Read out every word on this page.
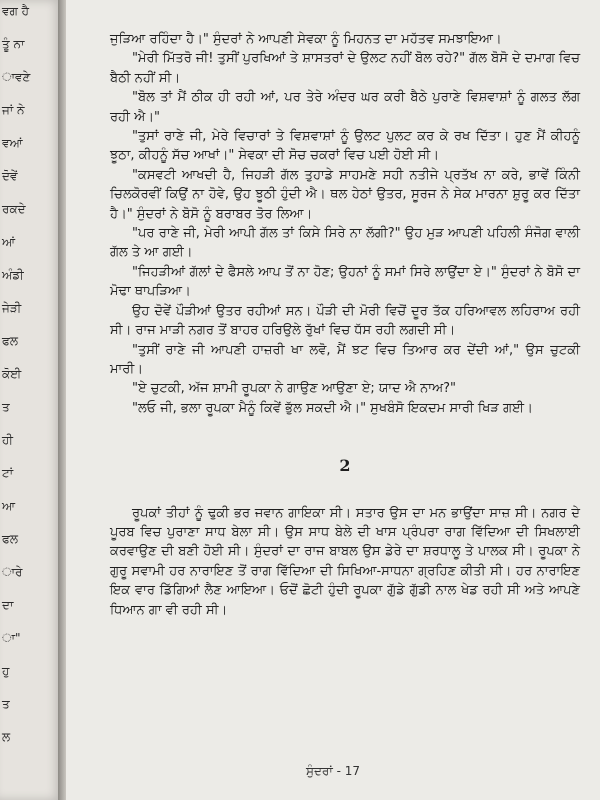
ਵਗ ਹੈ
ਤੂੰ ਨਾ
ਾਵਣੇ
ਜਾਂ ਨੇ
ਵਆਂ
ਦੋਵੇਂ
ਰਕਦੇ
ਆਂ
ਅੰਡੀ
ਜੇੜੀ
ਫਲ
ਕੋਈ
ਤ
ਹੀ
ਟਾਂ
ਆ
ਫਲ
ਾਰੇ
ਦਾ
ਾ"
ਹੁ
ਤ
ਲ

ਜੁੜਿਆ ਰਹਿੰਦਾ ਹੈ।" ਸੁੰਦਰਾਂ ਨੇ ਆਪਣੀ ਸੇਵਕਾ ਨੂੰ ਮਿਹਨਤ ਦਾ ਮਹੱਤਵ ਸਮਝਾਇਆ।

"ਮੇਰੀ ਮਿੱਤਰੋ ਜੀ! ਤੁਸੀਂ ਪੁਰਖਿਆਂ ਤੇ ਸ਼ਾਸਤਰਾਂ ਦੇ ਉਲਟ ਨਹੀਂ ਬੋਲ ਰਹੇ?" ਗੱਲ ਬੋਸੋ ਦੇ ਦਮਾਗ ਵਿਚ ਬੈਠੀ ਨਹੀਂ ਸੀ।

"ਬੋਲ ਤਾਂ ਮੈਂ ਠੀਕ ਹੀ ਰਹੀ ਆਂ, ਪਰ ਤੇਰੇ ਅੰਦਰ ਘਰ ਕਰੀ ਬੈਠੇ ਪੁਰਾਣੇ ਵਿਸ਼ਵਾਸ਼ਾਂ ਨੂੰ ਗਲਤ ਲੱਗ ਰਹੀ ਐ।"

"ਤੁਸਾਂ ਰਾਣੇ ਜੀ, ਮੇਰੇ ਵਿਚਾਰਾਂ ਤੇ ਵਿਸ਼ਵਾਸ਼ਾਂ ਨੂੰ ਉਲਟ ਪੁਲਟ ਕਰ ਕੇ ਰਖ ਦਿੱਤਾ। ਹੁਣ ਮੈਂ ਕੀਹਨੂੰ ਝੂਠਾ, ਕੀਹਨੂੰ ਸੱਚ ਆਖਾਂ।" ਸੇਵਕਾ ਦੀ ਸੋਚ ਚਕਰਾਂ ਵਿਚ ਪਈ ਹੋਈ ਸੀ।

"ਕਸਵਟੀ ਆਖਦੀ ਹੈ, ਜਿਹੜੀ ਗੱਲ ਤੁਹਾਡੇ ਸਾਹਮਣੇ ਸਹੀ ਨਤੀਜੇ ਪ੍ਰਤੱਖ ਨਾ ਕਰੇ, ਭਾਵੇਂ ਕਿੰਨੀ ਚਿਲਕੋਰਵੀਂ ਕਿਉਂ ਨਾ ਹੋਵੇ, ਉਹ ਝੂਠੀ ਹੁੰਦੀ ਐ। ਥਲ ਹੇਠਾਂ ਉਤਰ, ਸੂਰਜ ਨੇ ਸੇਕ ਮਾਰਨਾ ਸ਼ੁਰੂ ਕਰ ਦਿੱਤਾ ਹੈ।" ਸੁੰਦਰਾਂ ਨੇ ਬੋਸੋ ਨੂੰ ਬਰਾਬਰ ਤੋਰ ਲਿਆ।

"ਪਰ ਰਾਣੇ ਜੀ, ਮੇਰੀ ਆਪੀ ਗੱਲ ਤਾਂ ਕਿਸੇ ਸਿਰੇ ਨਾ ਲੱਗੀ?" ਉਹ ਮੁੜ ਆਪਣੀ ਪਹਿਲੀ ਸੰਜੋਗ ਵਾਲੀ ਗੱਲ ਤੇ ਆ ਗਈ।

"ਜਿਹੜੀਆਂ ਗੱਲਾਂ ਦੇ ਫੈਸਲੇ ਆਪ ਤੋਂ ਨਾ ਹੋਣ; ਉਹਨਾਂ ਨੂੰ ਸਮਾਂ ਸਿਰੇ ਲਾਉਂਦਾ ਏ।" ਸੁੰਦਰਾਂ ਨੇ ਬੋਸੋ ਦਾ ਮੋਢਾ ਥਾਪੜਿਆ।

ਉਹ ਦੋਵੇਂ ਪੌੜੀਆਂ ਉਤਰ ਰਹੀਆਂ ਸਨ। ਪੌੜੀ ਦੀ ਮੋਰੀ ਵਿਚੋਂ ਦੂਰ ਤੱਕ ਹਰਿਆਵਲ ਲਹਿਰਾਅ ਰਹੀ ਸੀ। ਰਾਜ ਮਾੜੀ ਨਗਰ ਤੋਂ ਬਾਹਰ ਹਰਿਉਲੇ ਰੁੱਖਾਂ ਵਿਚ ਧੱਸ ਰਹੀ ਲਗਦੀ ਸੀ।

"ਤੁਸੀਂ ਰਾਣੇ ਜੀ ਆਪਣੀ ਹਾਜ਼ਰੀ ਖਾ ਲਵੋ, ਮੈਂ ਝਟ ਵਿਚ ਤਿਆਰ ਕਰ ਦੇਂਦੀ ਆਂ," ਉਸ ਚੁਟਕੀ ਮਾਰੀ।

"ਏ ਚੁਟਕੀ, ਅੱਜ ਸ਼ਾਮੀ ਰੂਪਕਾ ਨੇ ਗਾਉਣ ਆਉਣਾ ਏ; ਯਾਦ ਐ ਨਾਅ?"

"ਲਓ ਜੀ, ਭਲਾ ਰੂਪਕਾ ਮੈਨੂੰ ਕਿਵੇਂ ਭੁੱਲ ਸਕਦੀ ਐ।" ਸੁਖਬੰਸੋ ਇਕਦਮ ਸਾਰੀ ਖਿੜ ਗਈ।

2

ਰੂਪਕਾਂ ਤੀਹਾਂ ਨੂੰ ਢੁਕੀ ਭਰ ਜਵਾਨ ਗਾਇਕਾ ਸੀ। ਸਤਾਰ ਉਸ ਦਾ ਮਨ ਭਾਉਂਦਾ ਸਾਜ਼ ਸੀ। ਨਗਰ ਦੇ ਪੂਰਬ ਵਿਚ ਪੁਰਾਣਾ ਸਾਧ ਬੇਲਾ ਸੀ। ਉਸ ਸਾਧ ਬੇਲੇ ਦੀ ਖਾਸ ਪ੍ਰੰਪਰਾ ਰਾਗ ਵਿੱਦਿਆ ਦੀ ਸਿਖਲਾਈ ਕਰਵਾਉਣ ਦੀ ਬਣੀ ਹੋਈ ਸੀ। ਸੁੰਦਰਾਂ ਦਾ ਰਾਜ ਬਾਬਲ ਉਸ ਡੇਰੇ ਦਾ ਸ਼ਰਧਾਲੂ ਤੇ ਪਾਲਕ ਸੀ। ਰੂਪਕਾ ਨੇ ਗੁਰੂ ਸਵਾਮੀ ਹਰ ਨਾਰਾਇਣ ਤੋਂ ਰਾਗ ਵਿੱਦਿਆ ਦੀ ਸਿਖਿਆ-ਸਾਧਨਾ ਗ੍ਰਹਿਣ ਕੀਤੀ ਸੀ। ਹਰ ਨਾਰਾਇਣ ਇਕ ਵਾਰ ਡਿੱਗਿਆਂ ਲੈਣ ਆਇਆ। ਓਦੋਂ ਛੋਟੀ ਹੁੰਦੀ ਰੂਪਕਾ ਗੁੱਡੇ ਗੁੱਡੀ ਨਾਲ ਖੇਡ ਰਹੀ ਸੀ ਅਤੇ ਆਪਣੇ ਧਿਆਨ ਗਾ ਵੀ ਰਹੀ ਸੀ।

ਸੁੰਦਰਾਂ - 17
